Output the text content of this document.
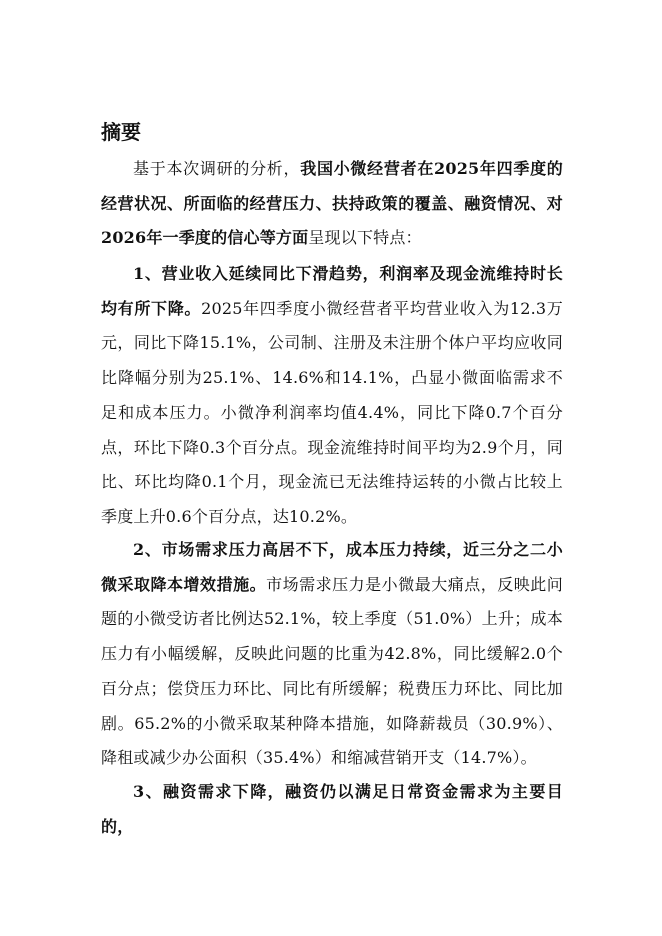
摘要

基于本次调研的分析，我国小微经营者在2025年四季度的经营状况、所面临的经营压力、扶持政策的覆盖、融资情况、对2026年一季度的信心等方面呈现以下特点：

1、营业收入延续同比下滑趋势，利润率及现金流维持时长均有所下降。2025年四季度小微经营者平均营业收入为12.3万元，同比下降15.1%，公司制、注册及未注册个体户平均应收同比降幅分别为25.1%、14.6%和14.1%，凸显小微面临需求不足和成本压力。小微净利润率均值4.4%，同比下降0.7个百分点，环比下降0.3个百分点。现金流维持时间平均为2.9个月，同比、环比均降0.1个月，现金流已无法维持运转的小微占比较上季度上升0.6个百分点，达10.2%。

2、市场需求压力高居不下，成本压力持续，近三分之二小微采取降本增效措施。市场需求压力是小微最大痛点，反映此问题的小微受访者比例达52.1%，较上季度（51.0%）上升；成本压力有小幅缓解，反映此问题的比重为42.8%，同比缓解2.0个百分点；偿贷压力环比、同比有所缓解；税费压力环比、同比加剧。65.2%的小微采取某种降本措施，如降薪裁员（30.9%）、降租或减少办公面积（35.4%）和缩减营销开支（14.7%）。

3、融资需求下降，融资仍以满足日常资金需求为主要目的，
